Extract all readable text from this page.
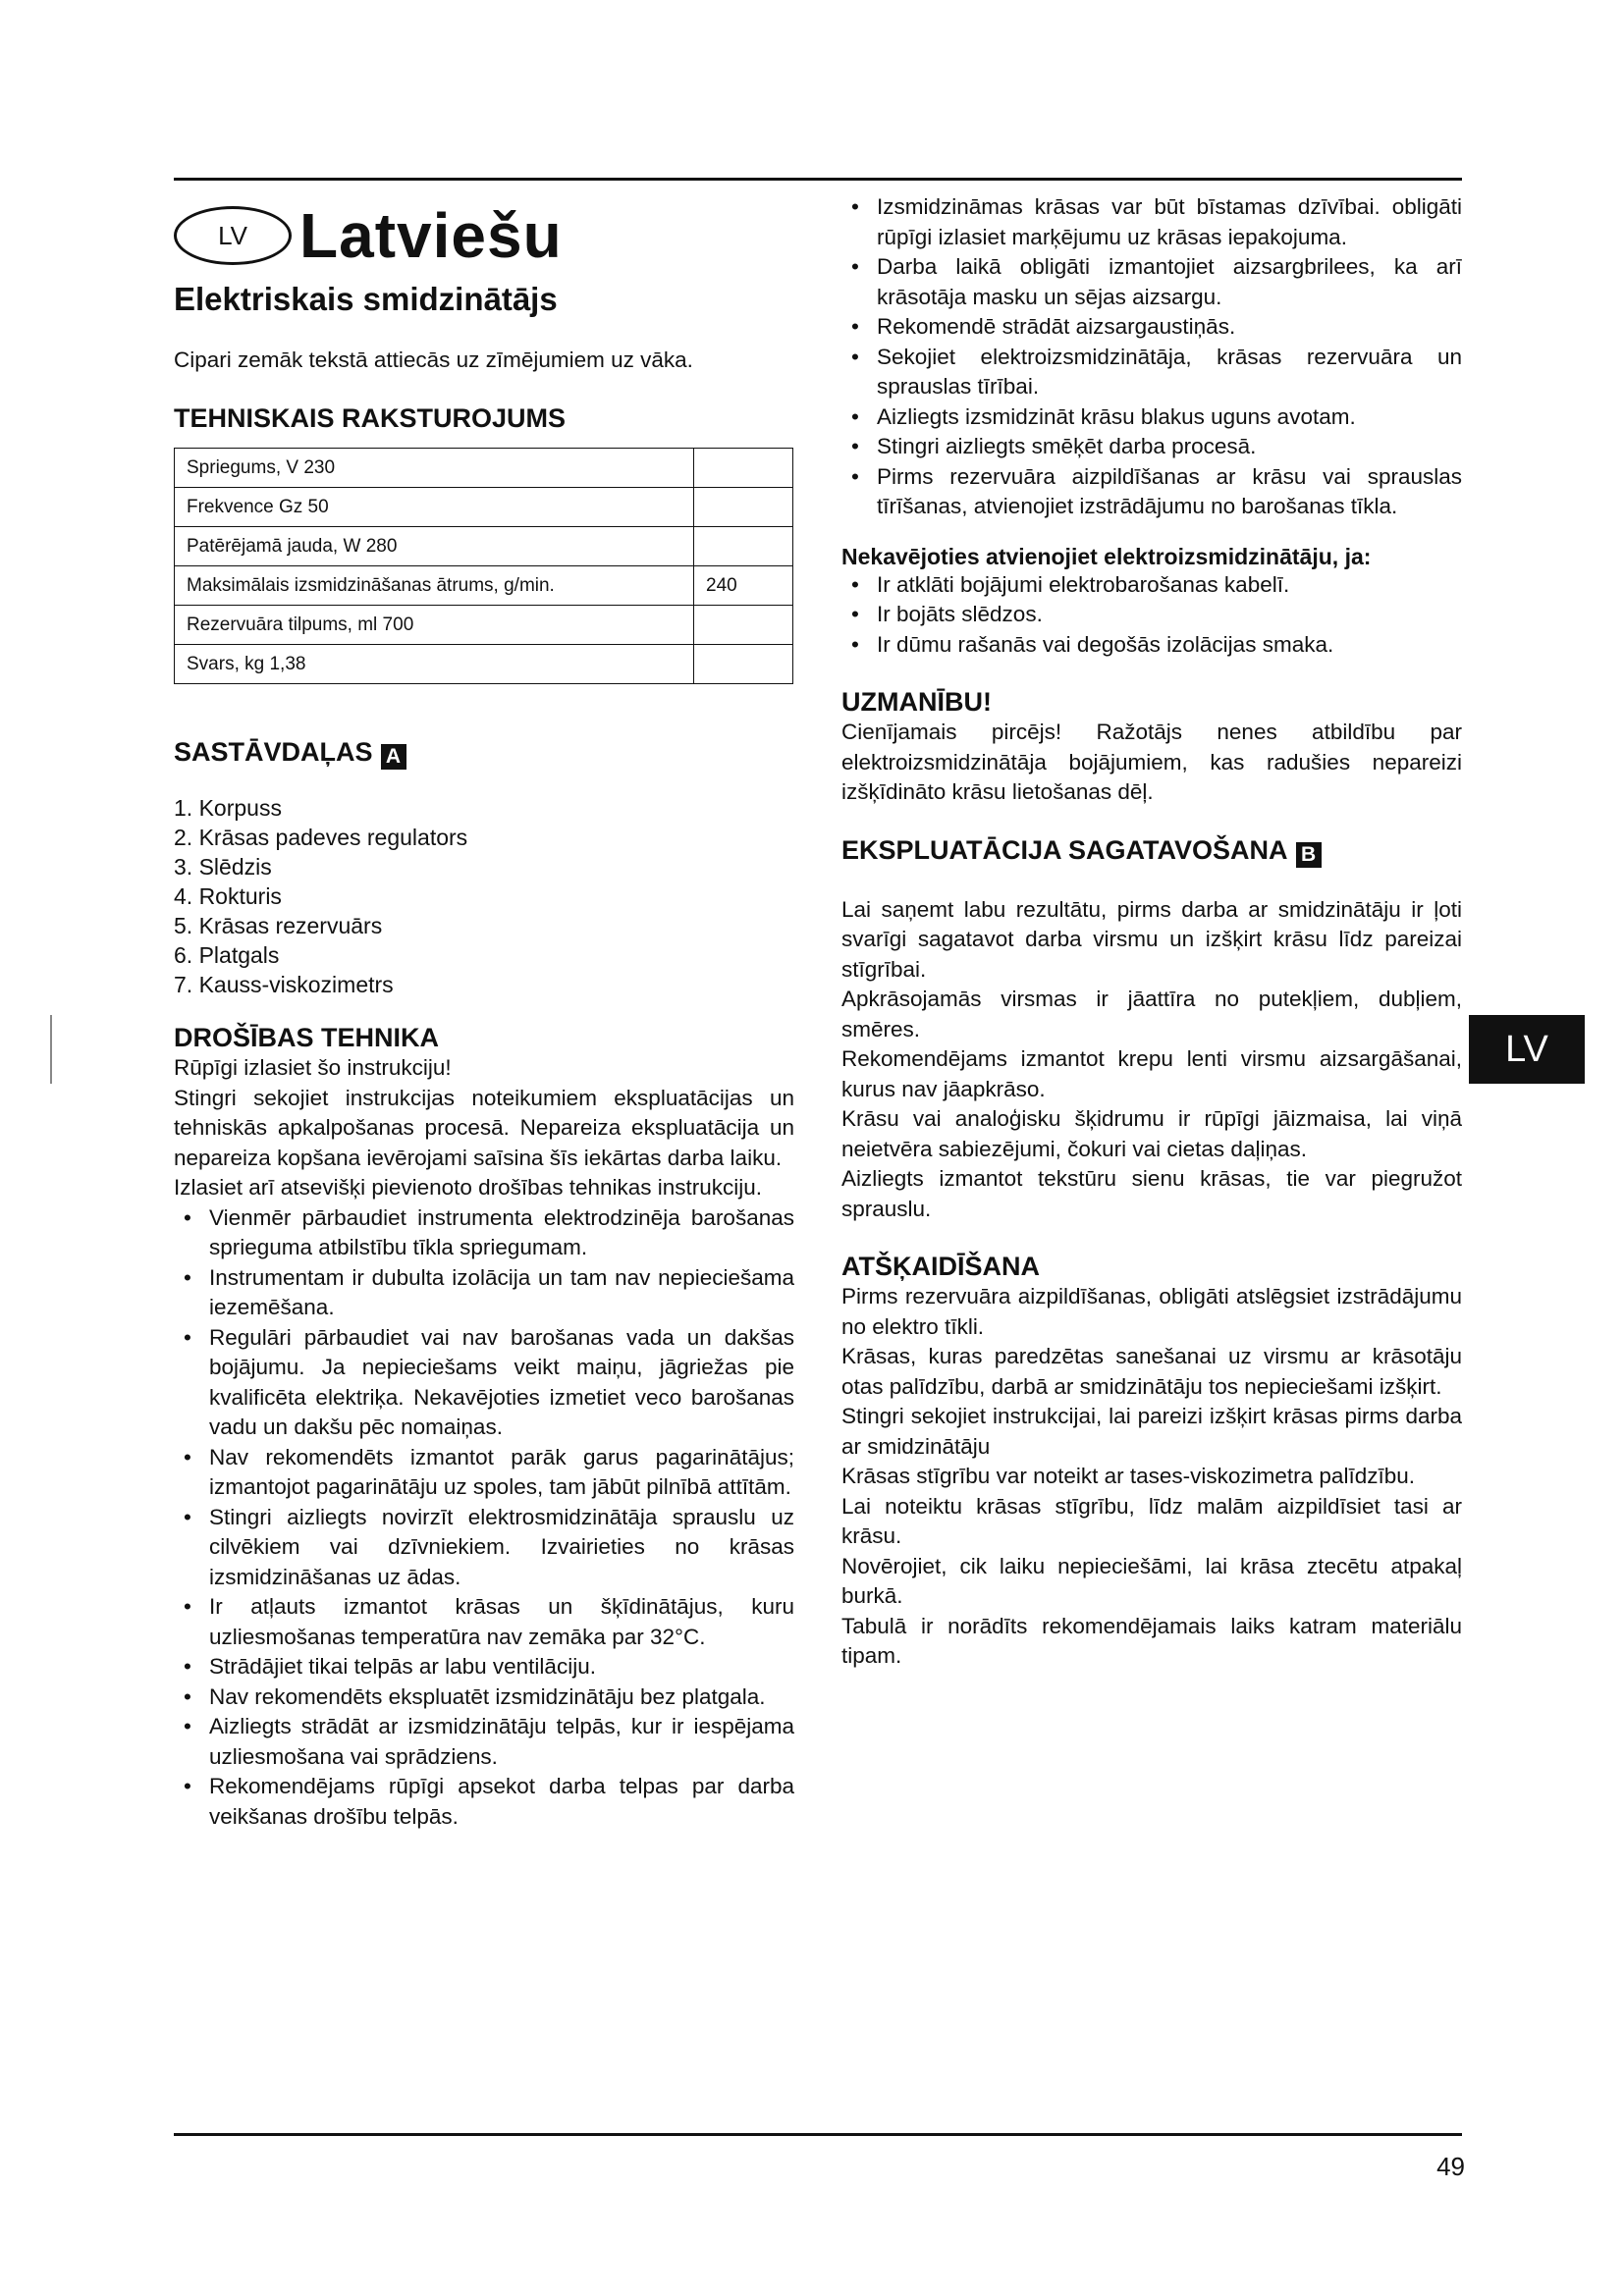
LV
LV Latviešu
Elektriskais smidzinātājs
Cipari zemāk tekstā attiecās uz zīmējumiem uz vāka.
TEHNISKAIS RAKSTUROJUMS
Spriegums, V 230	
Frekvence Gz 50	
Patērējamā jauda, W 280	
Maksimālais izsmidzināšanas ātrums, g/min.	240
Rezervuāra tilpums, ml 700	
Svars, kg 1,38	
SASTĀVDAĻAS A
1. Korpuss
2. Krāsas padeves regulators
3. Slēdzis
4. Rokturis
5. Krāsas rezervuārs
6. Platgals
7. Kauss-viskozimetrs
DROŠĪBAS TEHNIKA

Rūpīgi izlasiet šo instrukciju!

Stingri sekojiet instrukcijas noteikumiem ekspluatācijas un tehniskās apkalpošanas procesā. Nepareiza ekspluatācija un nepareiza kopšana ievērojami saīsina šīs iekārtas darba laiku.

Izlasiet arī atsevišķi pievienoto drošības tehnikas instrukciju.

• Vienmēr pārbaudiet instrumenta elektrodzinēja barošanas sprieguma atbilstību tīkla spriegumam.
• Instrumentam ir dubulta izolācija un tam nav nepieciešama iezemēšana.
• Regulāri pārbaudiet vai nav barošanas vada un dakšas bojājumu. Ja nepieciešams veikt maiņu, jāgriežas pie kvalificēta elektriķa. Nekavējoties izmetiet veco barošanas vadu un dakšu pēc nomaiņas.
• Nav rekomendēts izmantot parāk garus pagarinātājus; izmantojot pagarinātāju uz spoles, tam jābūt pilnībā attītām.
• Stingri aizliegts novirzīt elektrosmidzinātāja sprauslu uz cilvēkiem vai dzīvniekiem. Izvairieties no krāsas izsmidzināšanas uz ādas.
• Ir atļauts izmantot krāsas un šķīdinātājus, kuru uzliesmošanas temperatūra nav zemāka par 32°C.
• Strādājiet tikai telpās ar labu ventilāciju.
• Nav rekomendēts ekspluatēt izsmidzinātāju bez platgala.
• Aizliegts strādāt ar izsmidzinātāju telpās, kur ir iespējama uzliesmošana vai sprādziens.
• Rekomendējams rūpīgi apsekot darba telpas par darba veikšanas drošību telpās.
• Izsmidzināmas krāsas var būt bīstamas dzīvībai. obligāti rūpīgi izlasiet marķējumu uz krāsas iepakojuma.
• Darba laikā obligāti izmantojiet aizsargbrilees, ka arī krāsotāja masku un sējas aizsargu.
• Rekomendē strādāt aizsargaustiņās.
• Sekojiet elektroizsmidzinātāja, krāsas rezervuāra un sprauslas tīrībai.
• Aizliegts izsmidzināt krāsu blakus uguns avotam.
• Stingri aizliegts smēķēt darba procesā.
• Pirms rezervuāra aizpildīšanas ar krāsu vai sprauslas tīrīšanas, atvienojiet izstrādājumu no barošanas tīkla.
Nekavējoties atvienojiet elektroizsmidzinātāju, ja:
• Ir atklāti bojājumi elektrobarošanas kabelī.
• Ir bojāts slēdzos.
• Ir dūmu rašanās vai degošās izolācijas smaka.
UZMANĪBU!

Cienījamais pircējs! Ražotājs nenes atbildību par elektroizsmidzinātāja bojājumiem, kas radušies nepareizi izšķīdināto krāsu lietošanas dēļ.

EKSPLUATĀCIJA SAGATAVOŠANA B

Lai saņemt labu rezultātu, pirms darba ar smidzinātāju ir ļoti svarīgi sagatavot darba virsmu un izšķirt krāsu līdz pareizai stīgrībai.

Apkrāsojamās virsmas ir jāattīra no putekļiem, dubļiem, smēres.

Rekomendējams izmantot krepu lenti virsmu aizsargāšanai, kurus nav jāapkrāso.

Krāsu vai analoģisku šķidrumu ir rūpīgi jāizmaisa, lai viņā neietvēra sabiezējumi, čokuri vai cietas daļiņas.

Aizliegts izmantot tekstūru sienu krāsas, tie var piegružot sprauslu.

ATŠĶAIDĪŠANA

Pirms rezervuāra aizpildīšanas, obligāti atslēgsiet izstrādājumu no elektro tīkli.

Krāsas, kuras paredzētas sanešanai uz virsmu ar krāsotāju otas palīdzību, darbā ar smidzinātāju tos nepieciešami izšķirt.

Stingri sekojiet instrukcijai, lai pareizi izšķirt krāsas pirms darba ar smidzinātāju

Krāsas stīgrību var noteikt ar tases-viskozimetra palīdzību.

Lai noteiktu krāsas stīgrību, līdz malām aizpildīsiet tasi ar krāsu.

Novērojiet, cik laiku nepieciešāmi, lai krāsa ztecētu atpakaļ burkā.

Tabulā ir norādīts rekomendējamais laiks katram materiālu tipam.

49
